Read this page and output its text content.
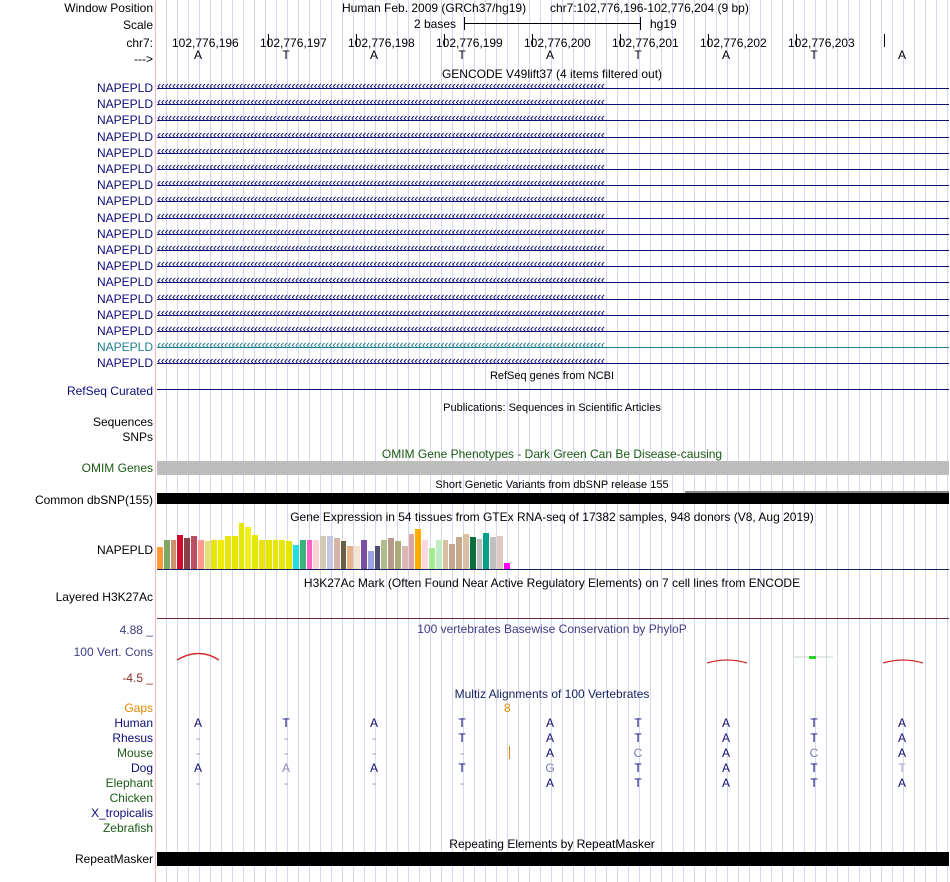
Window Position	Human Feb. 2009 (GRCh37/hg19) chr7:102,776,196-102,776,204 (9 bp)
Scale	2 bases	hg19
chr7: 102,776,196 102,776,197 102,776,198 102,776,199 102,776,200 102,776,201 102,776,202 102,776,203
--->	A	T	A	T	A	T	A	T	A
GENCODE V49lift37 (4 items filtered out)
NAPEPLD ‹‹‹‹‹‹‹‹‹‹‹‹‹‹‹‹‹‹‹‹‹‹‹‹‹‹‹‹‹‹‹‹‹‹‹‹‹‹‹‹‹‹‹‹‹‹‹‹‹‹‹‹‹‹‹‹‹‹‹‹‹‹‹‹‹‹‹‹‹‹‹‹‹‹‹‹‹‹‹‹‹‹‹‹‹‹‹‹‹‹‹‹‹‹‹‹‹‹‹‹‹‹‹‹‹‹‹‹‹‹‹‹‹‹‹‹‹‹‹‹
NAPEPLD ‹‹‹‹‹‹‹‹‹‹‹‹‹‹‹‹‹‹‹‹‹‹‹‹‹‹‹‹‹‹‹‹‹‹‹‹‹‹‹‹‹‹‹‹‹‹‹‹‹‹‹‹‹‹‹‹‹‹‹‹‹‹‹‹‹‹‹‹‹‹‹‹‹‹‹‹‹‹‹‹‹‹‹‹‹‹‹‹‹‹‹‹‹‹‹‹‹‹‹‹‹‹‹‹‹‹‹‹‹‹‹‹‹‹‹‹‹‹‹‹
NAPEPLD ‹‹‹‹‹‹‹‹‹‹‹‹‹‹‹‹‹‹‹‹‹‹‹‹‹‹‹‹‹‹‹‹‹‹‹‹‹‹‹‹‹‹‹‹‹‹‹‹‹‹‹‹‹‹‹‹‹‹‹‹‹‹‹‹‹‹‹‹‹‹‹‹‹‹‹‹‹‹‹‹‹‹‹‹‹‹‹‹‹‹‹‹‹‹‹‹‹‹‹‹‹‹‹‹‹‹‹‹‹‹‹‹‹‹‹‹‹‹‹‹
NAPEPLD ‹‹‹‹‹‹‹‹‹‹‹‹‹‹‹‹‹‹‹‹‹‹‹‹‹‹‹‹‹‹‹‹‹‹‹‹‹‹‹‹‹‹‹‹‹‹‹‹‹‹‹‹‹‹‹‹‹‹‹‹‹‹‹‹‹‹‹‹‹‹‹‹‹‹‹‹‹‹‹‹‹‹‹‹‹‹‹‹‹‹‹‹‹‹‹‹‹‹‹‹‹‹‹‹‹‹‹‹‹‹‹‹‹‹‹‹‹‹‹‹
NAPEPLD ‹‹‹‹‹‹‹‹‹‹‹‹‹‹‹‹‹‹‹‹‹‹‹‹‹‹‹‹‹‹‹‹‹‹‹‹‹‹‹‹‹‹‹‹‹‹‹‹‹‹‹‹‹‹‹‹‹‹‹‹‹‹‹‹‹‹‹‹‹‹‹‹‹‹‹‹‹‹‹‹‹‹‹‹‹‹‹‹‹‹‹‹‹‹‹‹‹‹‹‹‹‹‹‹‹‹‹‹‹‹‹‹‹‹‹‹‹‹‹‹
NAPEPLD ‹‹‹‹‹‹‹‹‹‹‹‹‹‹‹‹‹‹‹‹‹‹‹‹‹‹‹‹‹‹‹‹‹‹‹‹‹‹‹‹‹‹‹‹‹‹‹‹‹‹‹‹‹‹‹‹‹‹‹‹‹‹‹‹‹‹‹‹‹‹‹‹‹‹‹‹‹‹‹‹‹‹‹‹‹‹‹‹‹‹‹‹‹‹‹‹‹‹‹‹‹‹‹‹‹‹‹‹‹‹‹‹‹‹‹‹‹‹‹‹
NAPEPLD ‹‹‹‹‹‹‹‹‹‹‹‹‹‹‹‹‹‹‹‹‹‹‹‹‹‹‹‹‹‹‹‹‹‹‹‹‹‹‹‹‹‹‹‹‹‹‹‹‹‹‹‹‹‹‹‹‹‹‹‹‹‹‹‹‹‹‹‹‹‹‹‹‹‹‹‹‹‹‹‹‹‹‹‹‹‹‹‹‹‹‹‹‹‹‹‹‹‹‹‹‹‹‹‹‹‹‹‹‹‹‹‹‹‹‹‹‹‹‹‹
NAPEPLD ‹‹‹‹‹‹‹‹‹‹‹‹‹‹‹‹‹‹‹‹‹‹‹‹‹‹‹‹‹‹‹‹‹‹‹‹‹‹‹‹‹‹‹‹‹‹‹‹‹‹‹‹‹‹‹‹‹‹‹‹‹‹‹‹‹‹‹‹‹‹‹‹‹‹‹‹‹‹‹‹‹‹‹‹‹‹‹‹‹‹‹‹‹‹‹‹‹‹‹‹‹‹‹‹‹‹‹‹‹‹‹‹‹‹‹‹‹‹‹‹
NAPEPLD ‹‹‹‹‹‹‹‹‹‹‹‹‹‹‹‹‹‹‹‹‹‹‹‹‹‹‹‹‹‹‹‹‹‹‹‹‹‹‹‹‹‹‹‹‹‹‹‹‹‹‹‹‹‹‹‹‹‹‹‹‹‹‹‹‹‹‹‹‹‹‹‹‹‹‹‹‹‹‹‹‹‹‹‹‹‹‹‹‹‹‹‹‹‹‹‹‹‹‹‹‹‹‹‹‹‹‹‹‹‹‹‹‹‹‹‹‹‹‹‹
NAPEPLD ‹‹‹‹‹‹‹‹‹‹‹‹‹‹‹‹‹‹‹‹‹‹‹‹‹‹‹‹‹‹‹‹‹‹‹‹‹‹‹‹‹‹‹‹‹‹‹‹‹‹‹‹‹‹‹‹‹‹‹‹‹‹‹‹‹‹‹‹‹‹‹‹‹‹‹‹‹‹‹‹‹‹‹‹‹‹‹‹‹‹‹‹‹‹‹‹‹‹‹‹‹‹‹‹‹‹‹‹‹‹‹‹‹‹‹‹‹‹‹‹
NAPEPLD ‹‹‹‹‹‹‹‹‹‹‹‹‹‹‹‹‹‹‹‹‹‹‹‹‹‹‹‹‹‹‹‹‹‹‹‹‹‹‹‹‹‹‹‹‹‹‹‹‹‹‹‹‹‹‹‹‹‹‹‹‹‹‹‹‹‹‹‹‹‹‹‹‹‹‹‹‹‹‹‹‹‹‹‹‹‹‹‹‹‹‹‹‹‹‹‹‹‹‹‹‹‹‹‹‹‹‹‹‹‹‹‹‹‹‹‹‹‹‹‹
NAPEPLD ‹‹‹‹‹‹‹‹‹‹‹‹‹‹‹‹‹‹‹‹‹‹‹‹‹‹‹‹‹‹‹‹‹‹‹‹‹‹‹‹‹‹‹‹‹‹‹‹‹‹‹‹‹‹‹‹‹‹‹‹‹‹‹‹‹‹‹‹‹‹‹‹‹‹‹‹‹‹‹‹‹‹‹‹‹‹‹‹‹‹‹‹‹‹‹‹‹‹‹‹‹‹‹‹‹‹‹‹‹‹‹‹‹‹‹‹‹‹‹‹
NAPEPLD ‹‹‹‹‹‹‹‹‹‹‹‹‹‹‹‹‹‹‹‹‹‹‹‹‹‹‹‹‹‹‹‹‹‹‹‹‹‹‹‹‹‹‹‹‹‹‹‹‹‹‹‹‹‹‹‹‹‹‹‹‹‹‹‹‹‹‹‹‹‹‹‹‹‹‹‹‹‹‹‹‹‹‹‹‹‹‹‹‹‹‹‹‹‹‹‹‹‹‹‹‹‹‹‹‹‹‹‹‹‹‹‹‹‹‹‹‹‹‹‹
NAPEPLD ‹‹‹‹‹‹‹‹‹‹‹‹‹‹‹‹‹‹‹‹‹‹‹‹‹‹‹‹‹‹‹‹‹‹‹‹‹‹‹‹‹‹‹‹‹‹‹‹‹‹‹‹‹‹‹‹‹‹‹‹‹‹‹‹‹‹‹‹‹‹‹‹‹‹‹‹‹‹‹‹‹‹‹‹‹‹‹‹‹‹‹‹‹‹‹‹‹‹‹‹‹‹‹‹‹‹‹‹‹‹‹‹‹‹‹‹‹‹‹‹
NAPEPLD ‹‹‹‹‹‹‹‹‹‹‹‹‹‹‹‹‹‹‹‹‹‹‹‹‹‹‹‹‹‹‹‹‹‹‹‹‹‹‹‹‹‹‹‹‹‹‹‹‹‹‹‹‹‹‹‹‹‹‹‹‹‹‹‹‹‹‹‹‹‹‹‹‹‹‹‹‹‹‹‹‹‹‹‹‹‹‹‹‹‹‹‹‹‹‹‹‹‹‹‹‹‹‹‹‹‹‹‹‹‹‹‹‹‹‹‹‹‹‹‹
NAPEPLD ‹‹‹‹‹‹‹‹‹‹‹‹‹‹‹‹‹‹‹‹‹‹‹‹‹‹‹‹‹‹‹‹‹‹‹‹‹‹‹‹‹‹‹‹‹‹‹‹‹‹‹‹‹‹‹‹‹‹‹‹‹‹‹‹‹‹‹‹‹‹‹‹‹‹‹‹‹‹‹‹‹‹‹‹‹‹‹‹‹‹‹‹‹‹‹‹‹‹‹‹‹‹‹‹‹‹‹‹‹‹‹‹‹‹‹‹‹‹‹‹
NAPEPLD ‹‹‹‹‹‹‹‹‹‹‹‹‹‹‹‹‹‹‹‹‹‹‹‹‹‹‹‹‹‹‹‹‹‹‹‹‹‹‹‹‹‹‹‹‹‹‹‹‹‹‹‹‹‹‹‹‹‹‹‹‹‹‹‹‹‹‹‹‹‹‹‹‹‹‹‹‹‹‹‹‹‹‹‹‹‹‹‹‹‹‹‹‹‹‹‹‹‹‹‹‹‹‹‹‹‹‹‹‹‹‹‹‹‹‹‹‹‹‹‹
NAPEPLD ‹‹‹‹‹‹‹‹‹‹‹‹‹‹‹‹‹‹‹‹‹‹‹‹‹‹‹‹‹‹‹‹‹‹‹‹‹‹‹‹‹‹‹‹‹‹‹‹‹‹‹‹‹‹‹‹‹‹‹‹‹‹‹‹‹‹‹‹‹‹‹‹‹‹‹‹‹‹‹‹‹‹‹‹‹‹‹‹‹‹‹‹‹‹‹‹‹‹‹‹‹‹‹‹‹‹‹‹‹‹‹‹‹‹‹‹‹‹‹‹
RefSeq genes from NCBI
RefSeq Curated
Publications: Sequences in Scientific Articles
Sequences
SNPs
OMIM Gene Phenotypes - Dark Green Can Be Disease-causing
OMIM Genes
Short Genetic Variants from dbSNP release 155
Common dbSNP(155)
Gene Expression in 54 tissues from GTEx RNA-seq of 17382 samples, 948 donors (V8, Aug 2019)
NAPEPLD
H3K27Ac Mark (Often Found Near Active Regulatory Elements) on 7 cell lines from ENCODE
Layered H3K27Ac
100 vertebrates Basewise Conservation by PhyloP
4.88 _
100 Vert. Cons
-4.5 _
Multiz Alignments of 100 Vertebrates
Gaps	8
Human	A	T	A	T	A	T	A	T	A
Rhesus	-	-	-	T	A	T	A	T	A
Mouse	-	-	-	-	A	C	A	C	A
Dog	A	A	A	T	G	T	A	T	T
Elephant	-	-	-	-	A	T	A	T	A
Chicken
X_tropicalis
Zebrafish
Repeating Elements by RepeatMasker
RepeatMasker
